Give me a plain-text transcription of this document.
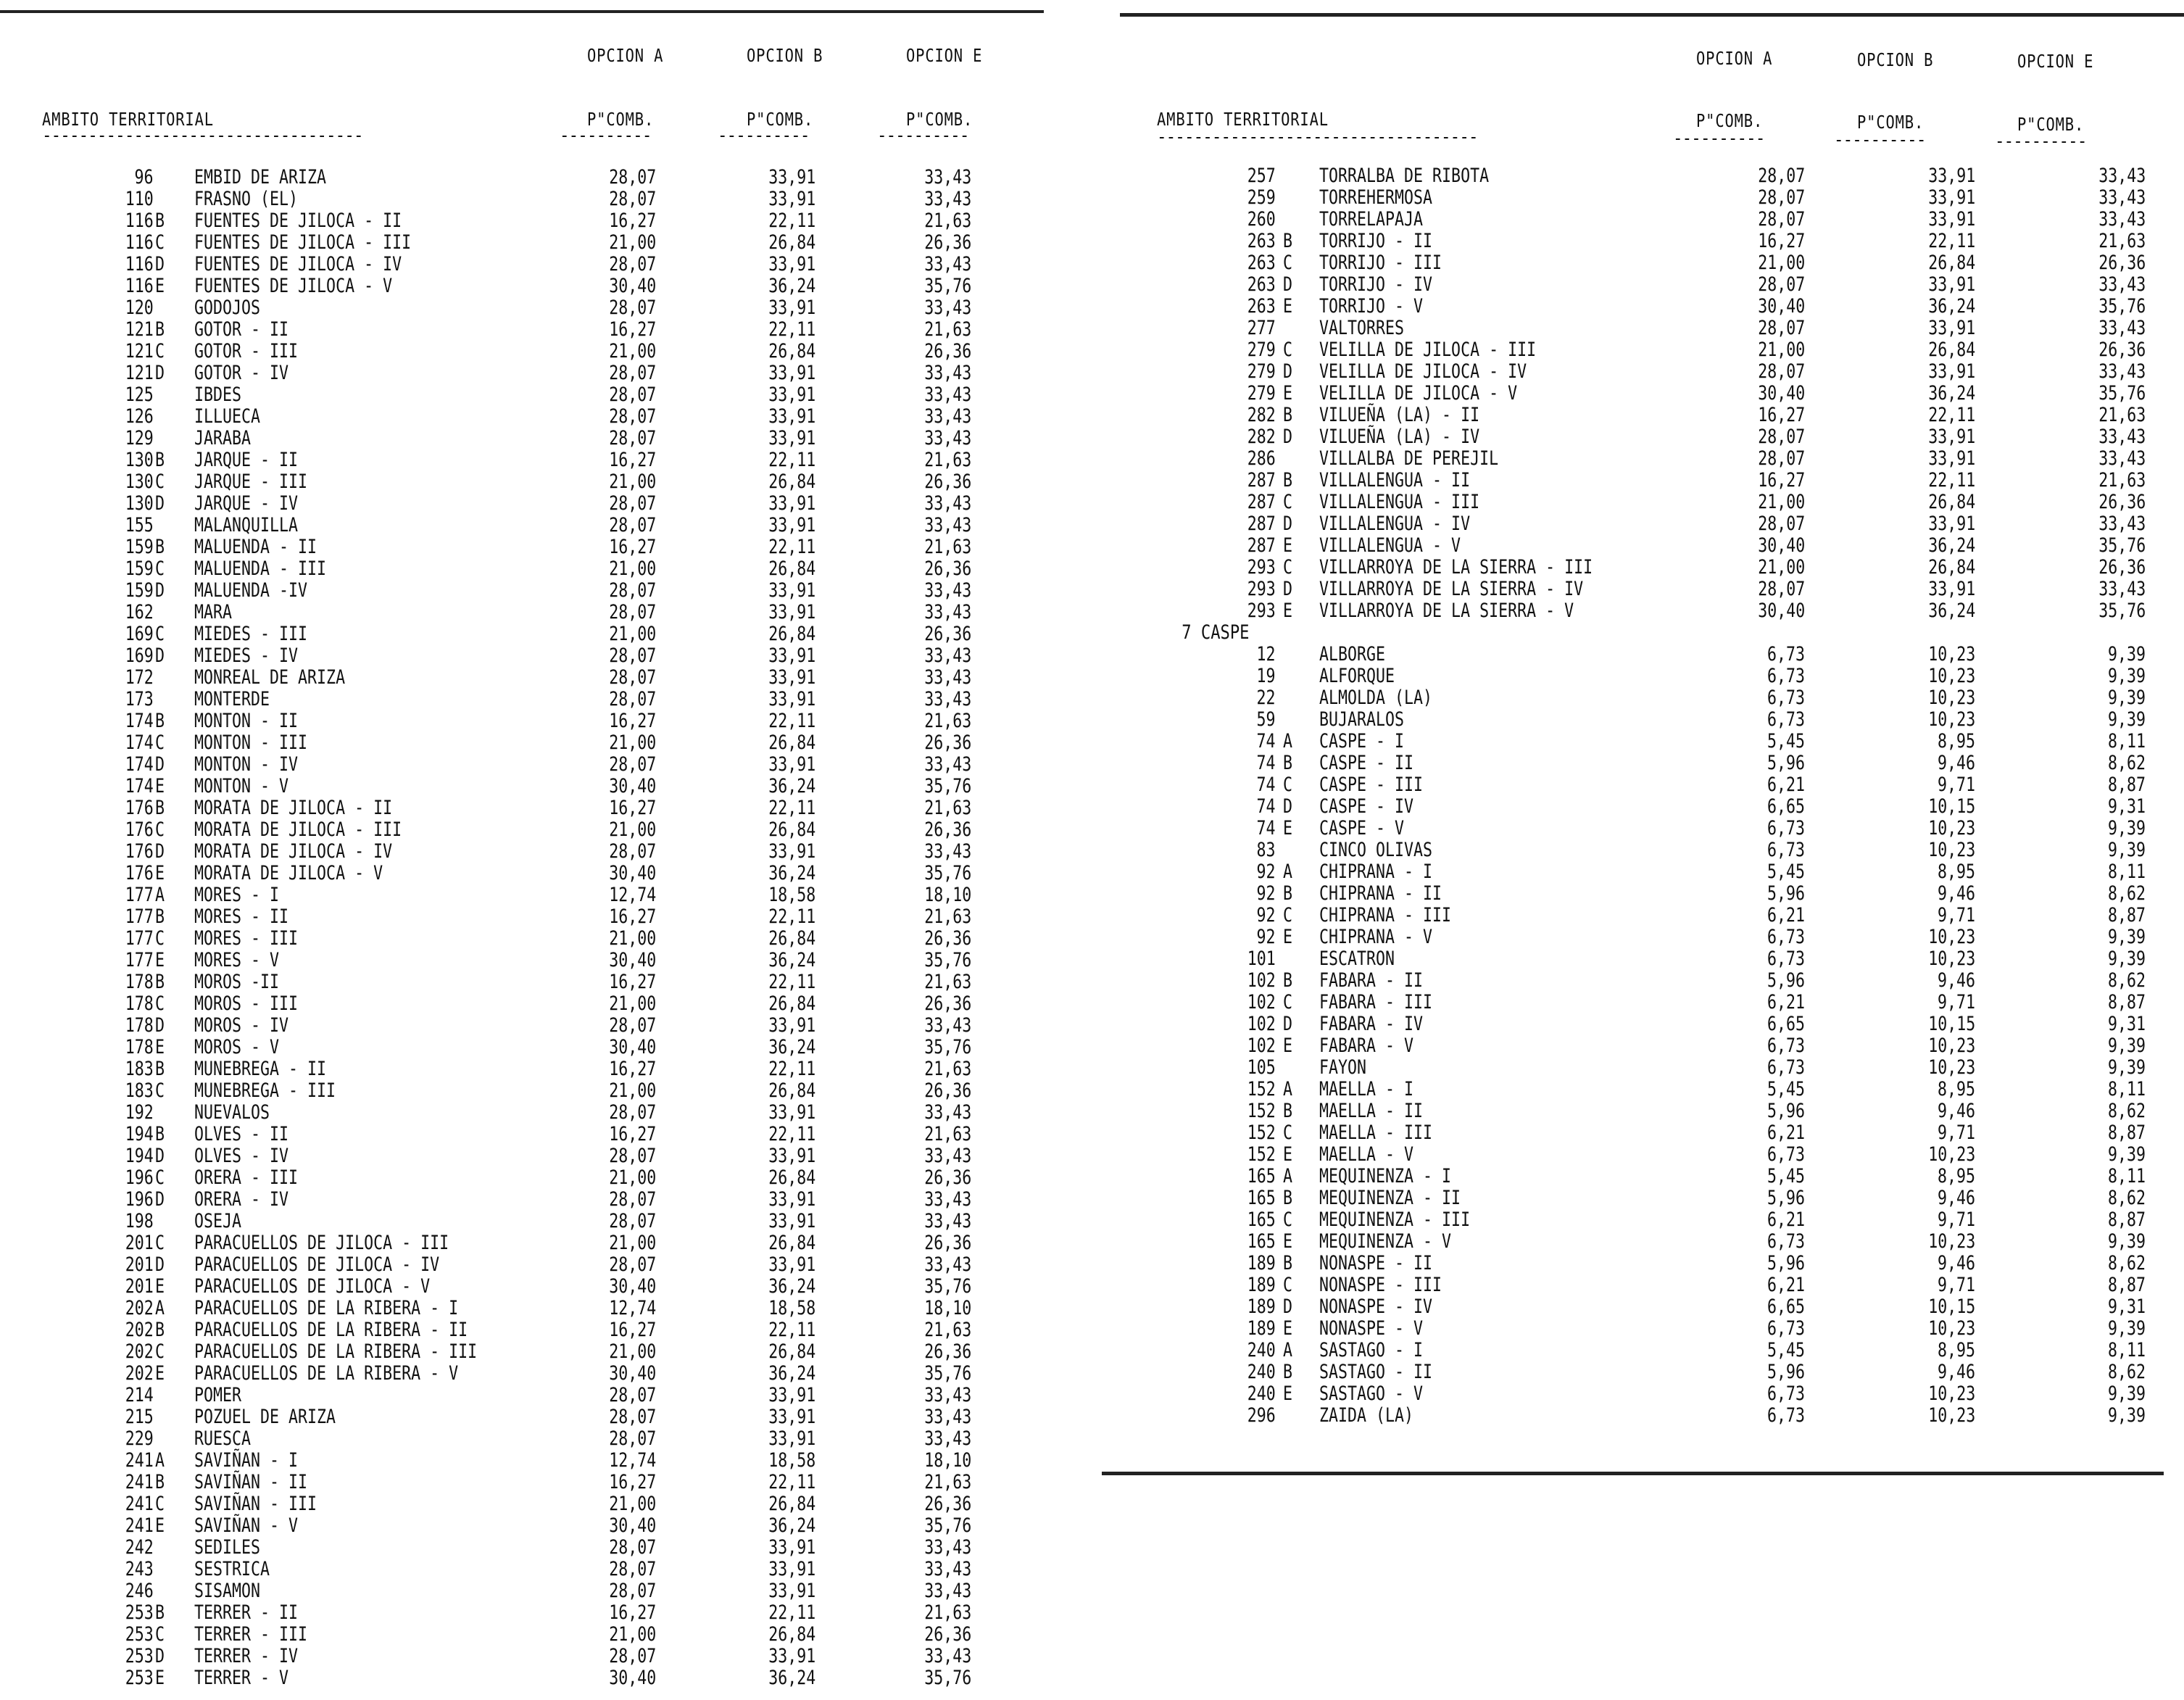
OPCION A	OPCION B	OPCION E
AMBITO TERRITORIAL	P"COMB.	P"COMB.	P"COMB.
-----------------------------------	----------	----------	----------
96 EMBID DE ARIZA	28,07	33,91	33,43
110 FRASNO (EL)	28,07	33,91	33,43
116 B FUENTES DE JILOCA - II	16,27	22,11	21,63
116 C FUENTES DE JILOCA - III	21,00	26,84	26,36
116 D FUENTES DE JILOCA - IV	28,07	33,91	33,43
116 E FUENTES DE JILOCA - V	30,40	36,24	35,76
120 GODOJOS	28,07	33,91	33,43
121 B GOTOR - II	16,27	22,11	21,63
121 C GOTOR - III	21,00	26,84	26,36
121 D GOTOR - IV	28,07	33,91	33,43
125 IBDES	28,07	33,91	33,43
126 ILLUECA	28,07	33,91	33,43
129 JARABA	28,07	33,91	33,43
130 B JARQUE - II	16,27	22,11	21,63
130 C JARQUE - III	21,00	26,84	26,36
130 D JARQUE - IV	28,07	33,91	33,43
155 MALANQUILLA	28,07	33,91	33,43
159 B MALUENDA - II	16,27	22,11	21,63
159 C MALUENDA - III	21,00	26,84	26,36
159 D MALUENDA -IV	28,07	33,91	33,43
162 MARA	28,07	33,91	33,43
169 C MIEDES - III	21,00	26,84	26,36
169 D MIEDES - IV	28,07	33,91	33,43
172 MONREAL DE ARIZA	28,07	33,91	33,43
173 MONTERDE	28,07	33,91	33,43
174 B MONTON - II	16,27	22,11	21,63
174 C MONTON - III	21,00	26,84	26,36
174 D MONTON - IV	28,07	33,91	33,43
174 E MONTON - V	30,40	36,24	35,76
176 B MORATA DE JILOCA - II	16,27	22,11	21,63
176 C MORATA DE JILOCA - III	21,00	26,84	26,36
176 D MORATA DE JILOCA - IV	28,07	33,91	33,43
176 E MORATA DE JILOCA - V	30,40	36,24	35,76
177 A MORES - I	12,74	18,58	18,10
177 B MORES - II	16,27	22,11	21,63
177 C MORES - III	21,00	26,84	26,36
177 E MORES - V	30,40	36,24	35,76
178 B MOROS -II	16,27	22,11	21,63
178 C MOROS - III	21,00	26,84	26,36
178 D MOROS - IV	28,07	33,91	33,43
178 E MOROS - V	30,40	36,24	35,76
183 B MUNEBREGA - II	16,27	22,11	21,63
183 C MUNEBREGA - III	21,00	26,84	26,36
192 NUEVALOS	28,07	33,91	33,43
194 B OLVES - II	16,27	22,11	21,63
194 D OLVES - IV	28,07	33,91	33,43
196 C ORERA - III	21,00	26,84	26,36
196 D ORERA - IV	28,07	33,91	33,43
198 OSEJA	28,07	33,91	33,43
201 C PARACUELLOS DE JILOCA - III	21,00	26,84	26,36
201 D PARACUELLOS DE JILOCA - IV	28,07	33,91	33,43
201 E PARACUELLOS DE JILOCA - V	30,40	36,24	35,76
202 A PARACUELLOS DE LA RIBERA - I	12,74	18,58	18,10
202 B PARACUELLOS DE LA RIBERA - II	16,27	22,11	21,63
202 C PARACUELLOS DE LA RIBERA - III	21,00	26,84	26,36
202 E PARACUELLOS DE LA RIBERA - V	30,40	36,24	35,76
214 POMER	28,07	33,91	33,43
215 POZUEL DE ARIZA	28,07	33,91	33,43
229 RUESCA	28,07	33,91	33,43
241 A SAVIÑAN - I	12,74	18,58	18,10
241 B SAVIÑAN - II	16,27	22,11	21,63
241 C SAVIÑAN - III	21,00	26,84	26,36
241 E SAVIÑAN - V	30,40	36,24	35,76
242 SEDILES	28,07	33,91	33,43
243 SESTRICA	28,07	33,91	33,43
246 SISAMON	28,07	33,91	33,43
253 B TERRER - II	16,27	22,11	21,63
253 C TERRER - III	21,00	26,84	26,36
253 D TERRER - IV	28,07	33,91	33,43
253 E TERRER - V	30,40	36,24	35,76
OPCION A	OPCION B	OPCION E
AMBITO TERRITORIAL	P"COMB.	P"COMB.	P"COMB.
-----------------------------------	----------	----------	----------
257 TORRALBA DE RIBOTA	28,07	33,91	33,43
259 TORREHERMOSA	28,07	33,91	33,43
260 TORRELAPAJA	28,07	33,91	33,43
263 B TORRIJO - II	16,27	22,11	21,63
263 C TORRIJO - III	21,00	26,84	26,36
263 D TORRIJO - IV	28,07	33,91	33,43
263 E TORRIJO - V	30,40	36,24	35,76
277 VALTORRES	28,07	33,91	33,43
279 C VELILLA DE JILOCA - III	21,00	26,84	26,36
279 D VELILLA DE JILOCA - IV	28,07	33,91	33,43
279 E VELILLA DE JILOCA - V	30,40	36,24	35,76
282 B VILUEÑA (LA) - II	16,27	22,11	21,63
282 D VILUEÑA (LA) - IV	28,07	33,91	33,43
286 VILLALBA DE PEREJIL	28,07	33,91	33,43
287 B VILLALENGUA - II	16,27	22,11	21,63
287 C VILLALENGUA - III	21,00	26,84	26,36
287 D VILLALENGUA - IV	28,07	33,91	33,43
287 E VILLALENGUA - V	30,40	36,24	35,76
293 C VILLARROYA DE LA SIERRA - III	21,00	26,84	26,36
293 D VILLARROYA DE LA SIERRA - IV	28,07	33,91	33,43
293 E VILLARROYA DE LA SIERRA - V	30,40	36,24	35,76
7 CASPE
12 ALBORGE	6,73	10,23	9,39
19 ALFORQUE	6,73	10,23	9,39
22 ALMOLDA (LA)	6,73	10,23	9,39
59 BUJARALOS	6,73	10,23	9,39
74 A CASPE - I	5,45	8,95	8,11
74 B CASPE - II	5,96	9,46	8,62
74 C CASPE - III	6,21	9,71	8,87
74 D CASPE - IV	6,65	10,15	9,31
74 E CASPE - V	6,73	10,23	9,39
83 CINCO OLIVAS	6,73	10,23	9,39
92 A CHIPRANA - I	5,45	8,95	8,11
92 B CHIPRANA - II	5,96	9,46	8,62
92 C CHIPRANA - III	6,21	9,71	8,87
92 E CHIPRANA - V	6,73	10,23	9,39
101 ESCATRON	6,73	10,23	9,39
102 B FABARA - II	5,96	9,46	8,62
102 C FABARA - III	6,21	9,71	8,87
102 D FABARA - IV	6,65	10,15	9,31
102 E FABARA - V	6,73	10,23	9,39
105 FAYON	6,73	10,23	9,39
152 A MAELLA - I	5,45	8,95	8,11
152 B MAELLA - II	5,96	9,46	8,62
152 C MAELLA - III	6,21	9,71	8,87
152 E MAELLA - V	6,73	10,23	9,39
165 A MEQUINENZA - I	5,45	8,95	8,11
165 B MEQUINENZA - II	5,96	9,46	8,62
165 C MEQUINENZA - III	6,21	9,71	8,87
165 E MEQUINENZA - V	6,73	10,23	9,39
189 B NONASPE - II	5,96	9,46	8,62
189 C NONASPE - III	6,21	9,71	8,87
189 D NONASPE - IV	6,65	10,15	9,31
189 E NONASPE - V	6,73	10,23	9,39
240 A SASTAGO - I	5,45	8,95	8,11
240 B SASTAGO - II	5,96	9,46	8,62
240 E SASTAGO - V	6,73	10,23	9,39
296 ZAIDA (LA)	6,73	10,23	9,39
